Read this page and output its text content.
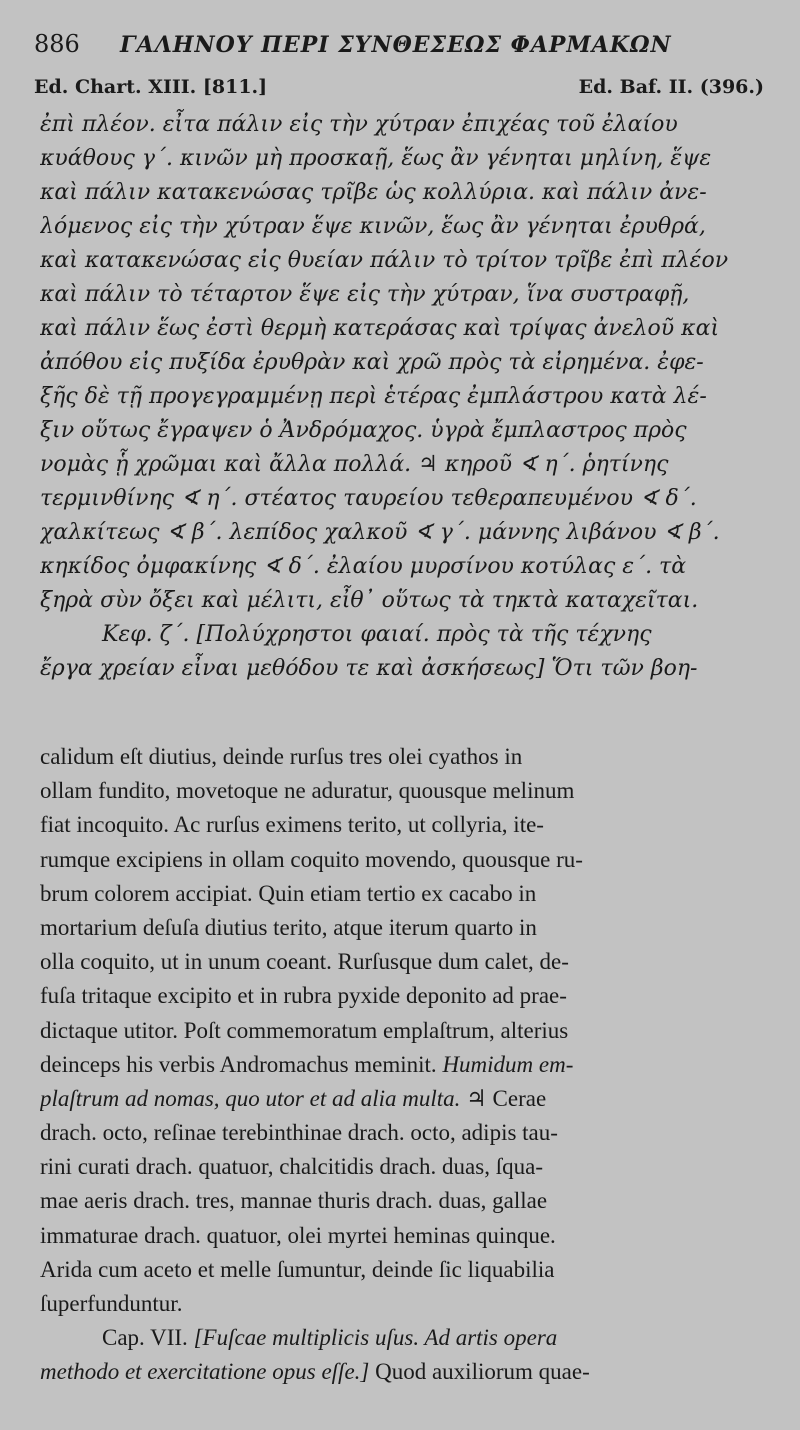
886 ΓΑΛΗΝΟΥ ΠΕΡΙ ΣΥΝΘΕΣΕΩΣ ΦΑΡΜΑΚΩΝ
Ed. Chart. XIII. [811.]	Ed. Baf. II. (396.)
ἐπὶ πλέον. εἶτα πάλιν εἰς τὴν χύτραν ἐπιχέας τοῦ ἐλαίου
κυάθους γ΄. κινῶν μὴ προσκαῇ, ἕως ἂν γένηται μηλίνη, ἕψε
καὶ πάλιν κατακενώσας τρῖβε ὡς κολλύρια. καὶ πάλιν ἀνε-
λόμενος εἰς τὴν χύτραν ἕψε κινῶν, ἕως ἂν γένηται ἐρυθρά,
καὶ κατακενώσας εἰς θυείαν πάλιν τὸ τρίτον τρῖβε ἐπὶ πλέον
καὶ πάλιν τὸ τέταρτον ἕψε εἰς τὴν χύτραν, ἵνα συστραφῇ,
καὶ πάλιν ἕως ἐστὶ θερμὴ κατεράσας καὶ τρίψας ἀνελοῦ καὶ
ἀπόθου εἰς πυξίδα ἐρυθρὰν καὶ χρῶ πρὸς τὰ εἰρημένα. ἐφε-
ξῆς δὲ τῇ προγεγραμμένῃ περὶ ἑτέρας ἐμπλάστρου κατὰ λέ-
ξιν οὕτως ἔγραψεν ὁ Ἀνδρόμαχος. ὑγρὰ ἔμπλαστρος πρὸς
νομὰς ᾗ χρῶμαι καὶ ἄλλα πολλά. ♃ κηροῦ ∢ η΄. ῥητίνης
τερμινθίνης ∢ η΄. στέατος ταυρείου τεθεραπευμένου ∢ δ΄.
χαλκίτεως ∢ β΄. λεπίδος χαλκοῦ ∢ γ΄. μάννης λιβάνου ∢ β΄.
κηκίδος ὀμφακίνης ∢ δ΄. ἐλαίου μυρσίνου κοτύλας ε΄. τὰ
ξηρὰ σὺν ὄξει καὶ μέλιτι, εἶθ᾽ οὕτως τὰ τηκτὰ καταχεῖται.
Κεφ. ζ΄. [Πολύχρηστοι φαιαί. πρὸς τὰ τῆς τέχνης
ἔργα χρείαν εἶναι μεθόδου τε καὶ ἀσκήσεως] Ὅτι τῶν βοη-
calidum eſt diutius, deinde rurſus tres olei cyathos in
ollam fundito, movetoque ne aduratur, quousque melinum
fiat incoquito. Ac rurſus eximens terito, ut collyria, ite-
rumque excipiens in ollam coquito movendo, quousque ru-
brum colorem accipiat. Quin etiam tertio ex cacabo in
mortarium deſuſa diutius terito, atque iterum quarto in
olla coquito, ut in unum coeant. Rurſusque dum calet, de-
fuſa tritaque excipito et in rubra pyxide deponito ad prae-
dictaque utitor. Poſt commemoratum emplaſtrum, alterius
deinceps his verbis Andromachus meminit. Humidum em-
plaſtrum ad nomas, quo utor et ad alia multa. ♃ Cerae
drach. octo, reſinae terebinthinae drach. octo, adipis tau-
rini curati drach. quatuor, chalcitidis drach. duas, ſqua-
mae aeris drach. tres, mannae thuris drach. duas, gallae
immaturae drach. quatuor, olei myrtei heminas quinque.
Arida cum aceto et melle ſumuntur, deinde ſic liquabilia
ſuperfunduntur.
Cap. VII. [Fuſcae multiplicis uſus. Ad artis opera
methodo et exercitatione opus eſſe.] Quod auxiliorum quae-
